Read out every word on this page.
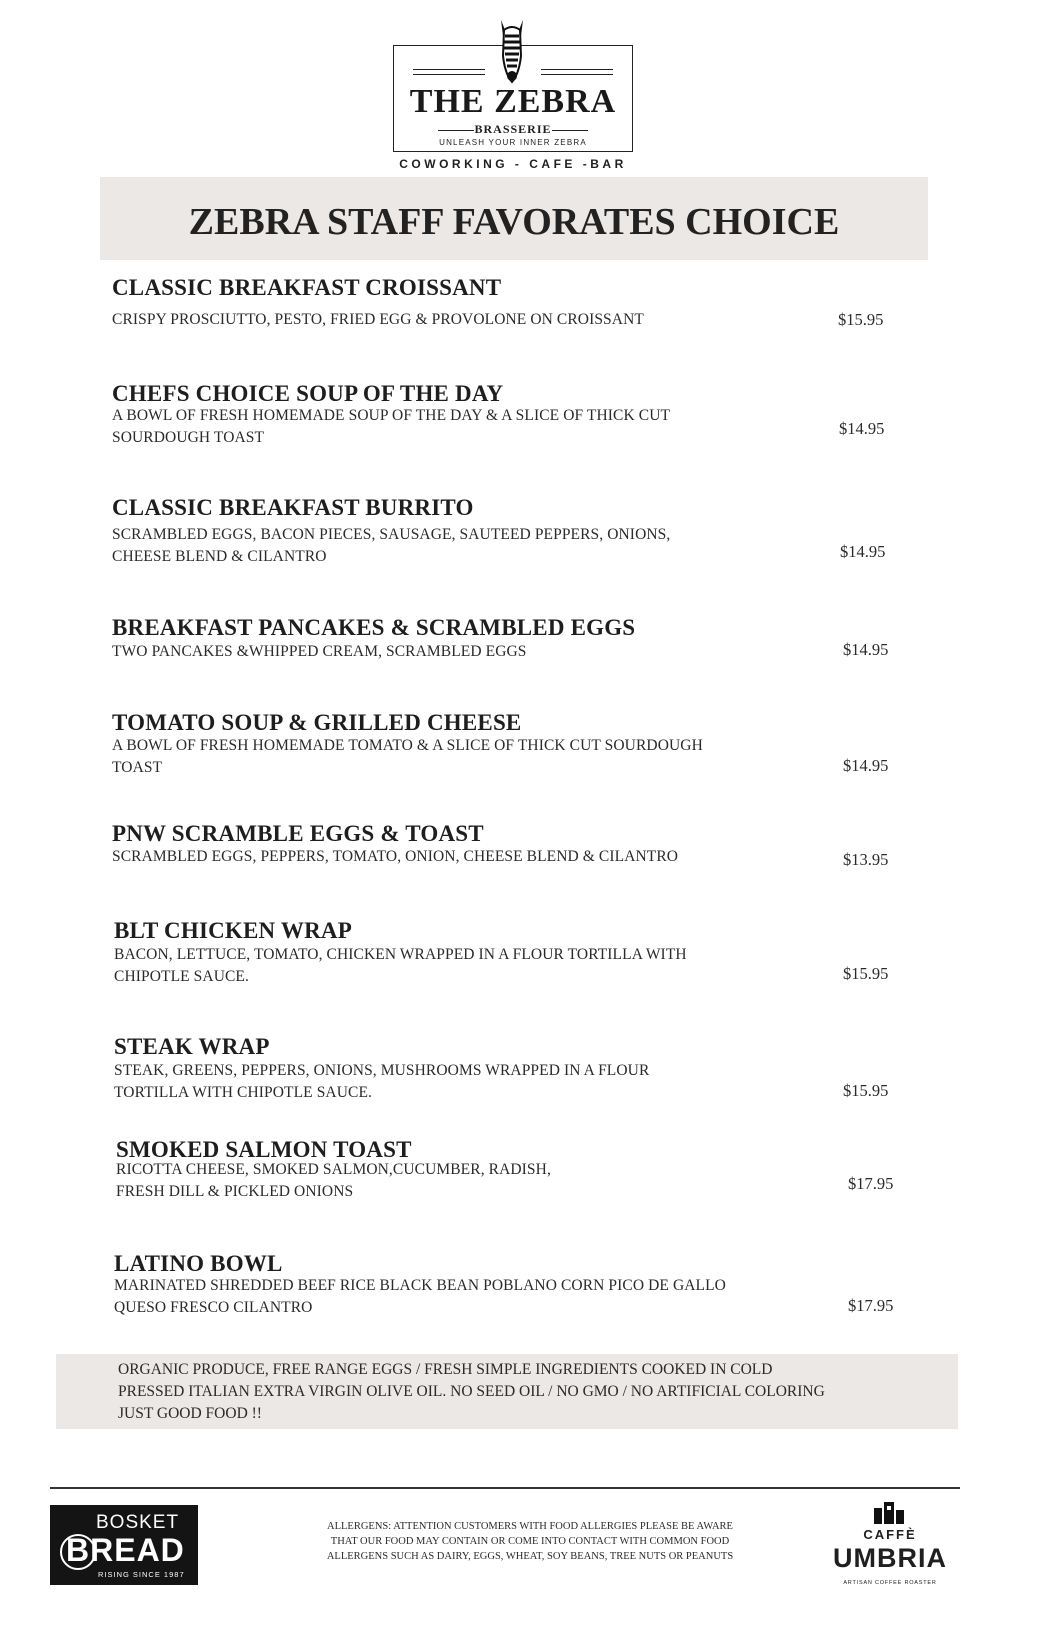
THE ZEBRA
BRASSERIE
UNLEASH YOUR INNER ZEBRA
COWORKING - CAFE -BAR
ZEBRA STAFF FAVORATES CHOICE
CLASSIC BREAKFAST CROISSANT
CRISPY PROSCIUTTO, PESTO, FRIED EGG & PROVOLONE ON CROISSANT	$15.95
CHEFS CHOICE SOUP OF THE DAY
A BOWL OF FRESH HOMEMADE SOUP OF THE DAY & A SLICE OF THICK CUT
SOURDOUGH TOAST	$14.95
CLASSIC BREAKFAST BURRITO
SCRAMBLED EGGS, BACON PIECES, SAUSAGE, SAUTEED PEPPERS, ONIONS,
CHEESE BLEND & CILANTRO	$14.95
BREAKFAST PANCAKES & SCRAMBLED EGGS
TWO PANCAKES &WHIPPED CREAM, SCRAMBLED EGGS	$14.95
TOMATO SOUP & GRILLED CHEESE
A BOWL OF FRESH HOMEMADE TOMATO & A SLICE OF THICK CUT SOURDOUGH
TOAST	$14.95
PNW SCRAMBLE EGGS & TOAST
SCRAMBLED EGGS, PEPPERS, TOMATO, ONION, CHEESE BLEND & CILANTRO	$13.95
BLT CHICKEN WRAP
BACON, LETTUCE, TOMATO, CHICKEN WRAPPED IN A FLOUR TORTILLA WITH
CHIPOTLE SAUCE.	$15.95
STEAK WRAP
STEAK, GREENS, PEPPERS, ONIONS, MUSHROOMS WRAPPED IN A FLOUR
TORTILLA WITH CHIPOTLE SAUCE.	$15.95
SMOKED SALMON TOAST
RICOTTA CHEESE, SMOKED SALMON,CUCUMBER, RADISH,
FRESH DILL & PICKLED ONIONS	$17.95
LATINO BOWL
MARINATED SHREDDED BEEF RICE BLACK BEAN POBLANO CORN PICO DE GALLO
QUESO FRESCO CILANTRO	$17.95
ORGANIC PRODUCE, FREE RANGE EGGS / FRESH SIMPLE INGREDIENTS COOKED IN COLD
PRESSED ITALIAN EXTRA VIRGIN OLIVE OIL. NO SEED OIL / NO GMO / NO ARTIFICIAL COLORING
JUST GOOD FOOD !!
BOSKET
BREAD
RISING SINCE 1987
ALLERGENS: ATTENTION CUSTOMERS WITH FOOD ALLERGIES PLEASE BE AWARE
THAT OUR FOOD MAY CONTAIN OR COME INTO CONTACT WITH COMMON FOOD
ALLERGENS SUCH AS DAIRY, EGGS, WHEAT, SOY BEANS, TREE NUTS OR PEANUTS
CAFFÈ
UMBRIA
ARTISAN COFFEE ROASTER
